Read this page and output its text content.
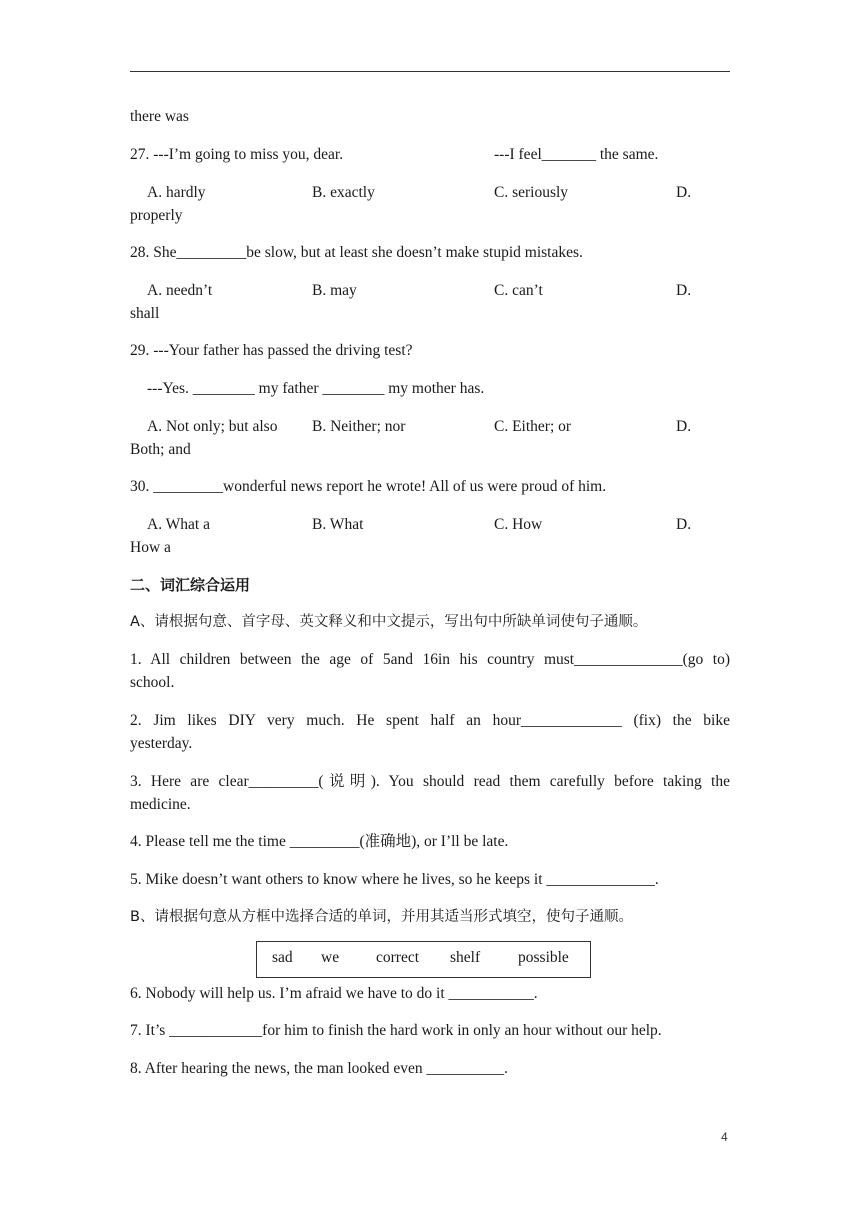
there was
27. ---I’m going to miss you, dear.	---I feel_______ the same.
A. hardly	B. exactly	C. seriously	D.
properly
28. She_________be slow, but at least she doesn’t make stupid mistakes.
A. needn’t	B. may	C. can’t	D.
shall
29. ---Your father has passed the driving test?
---Yes. ________ my father ________ my mother has.
A. Not only; but also B. Neither; nor	C. Either; or	D.
Both; and
30. _________wonderful news report he wrote! All of us were proud of him.
A. What a	B. What	C. How	D.
How a
二、词汇综合运用
A、请根据句意、首字母、英文释义和中文提示，写出句中所缺单词使句子通顺。
1. All children between the age of 5and 16in his country must______________(go to)
school.
2. Jim likes DIY very much. He spent half an hour_____________ (fix) the bike
yesterday.
3. Here are clear_________(说明). You should read them carefully before taking the
medicine.
4. Please tell me the time _________(准确地), or I’ll be late.
5. Mike doesn’t want others to know where he lives, so he keeps it ______________.
B、请根据句意从方框中选择合适的单词，并用其适当形式填空，使句子通顺。
sad we correct shelf possible
6. Nobody will help us. I’m afraid we have to do it ___________.
7. It’s ____________for him to finish the hard work in only an hour without our help.
8. After hearing the news, the man looked even __________.
4
